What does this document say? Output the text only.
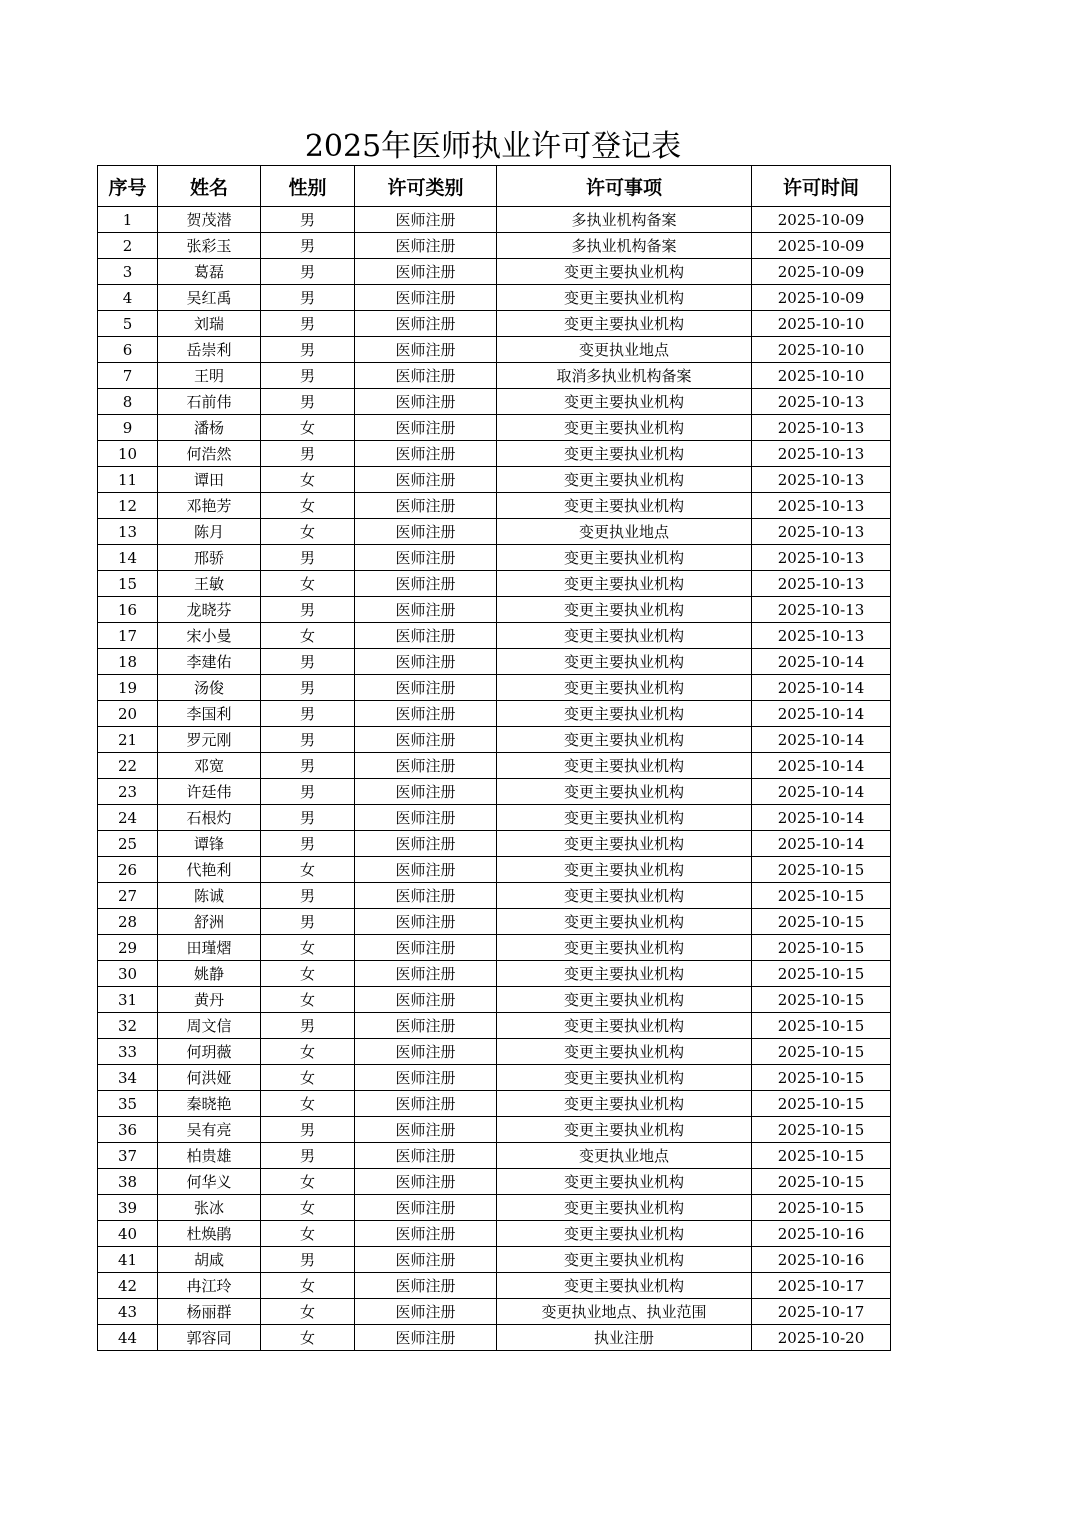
2025年医师执业许可登记表
序号	姓名	性别	许可类别	许可事项	许可时间
1	贺茂潜	男	医师注册	多执业机构备案	2025-10-09
2	张彩玉	男	医师注册	多执业机构备案	2025-10-09
3	葛磊	男	医师注册	变更主要执业机构	2025-10-09
4	吴红禹	男	医师注册	变更主要执业机构	2025-10-09
5	刘瑞	男	医师注册	变更主要执业机构	2025-10-10
6	岳崇利	男	医师注册	变更执业地点	2025-10-10
7	王明	男	医师注册	取消多执业机构备案	2025-10-10
8	石前伟	男	医师注册	变更主要执业机构	2025-10-13
9	潘杨	女	医师注册	变更主要执业机构	2025-10-13
10	何浩然	男	医师注册	变更主要执业机构	2025-10-13
11	谭田	女	医师注册	变更主要执业机构	2025-10-13
12	邓艳芳	女	医师注册	变更主要执业机构	2025-10-13
13	陈月	女	医师注册	变更执业地点	2025-10-13
14	邢骄	男	医师注册	变更主要执业机构	2025-10-13
15	王敏	女	医师注册	变更主要执业机构	2025-10-13
16	龙晓芬	男	医师注册	变更主要执业机构	2025-10-13
17	宋小曼	女	医师注册	变更主要执业机构	2025-10-13
18	李建佑	男	医师注册	变更主要执业机构	2025-10-14
19	汤俊	男	医师注册	变更主要执业机构	2025-10-14
20	李国利	男	医师注册	变更主要执业机构	2025-10-14
21	罗元刚	男	医师注册	变更主要执业机构	2025-10-14
22	邓宽	男	医师注册	变更主要执业机构	2025-10-14
23	许廷伟	男	医师注册	变更主要执业机构	2025-10-14
24	石根灼	男	医师注册	变更主要执业机构	2025-10-14
25	谭锋	男	医师注册	变更主要执业机构	2025-10-14
26	代艳利	女	医师注册	变更主要执业机构	2025-10-15
27	陈诚	男	医师注册	变更主要执业机构	2025-10-15
28	舒洲	男	医师注册	变更主要执业机构	2025-10-15
29	田瑾熠	女	医师注册	变更主要执业机构	2025-10-15
30	姚静	女	医师注册	变更主要执业机构	2025-10-15
31	黄丹	女	医师注册	变更主要执业机构	2025-10-15
32	周文信	男	医师注册	变更主要执业机构	2025-10-15
33	何玥薇	女	医师注册	变更主要执业机构	2025-10-15
34	何洪娅	女	医师注册	变更主要执业机构	2025-10-15
35	秦晓艳	女	医师注册	变更主要执业机构	2025-10-15
36	吴有亮	男	医师注册	变更主要执业机构	2025-10-15
37	柏贵雄	男	医师注册	变更执业地点	2025-10-15
38	何华义	女	医师注册	变更主要执业机构	2025-10-15
39	张冰	女	医师注册	变更主要执业机构	2025-10-15
40	杜焕鹃	女	医师注册	变更主要执业机构	2025-10-16
41	胡咸	男	医师注册	变更主要执业机构	2025-10-16
42	冉江玲	女	医师注册	变更主要执业机构	2025-10-17
43	杨丽群	女	医师注册	变更执业地点、执业范围	2025-10-17
44	郭容同	女	医师注册	执业注册	2025-10-20
